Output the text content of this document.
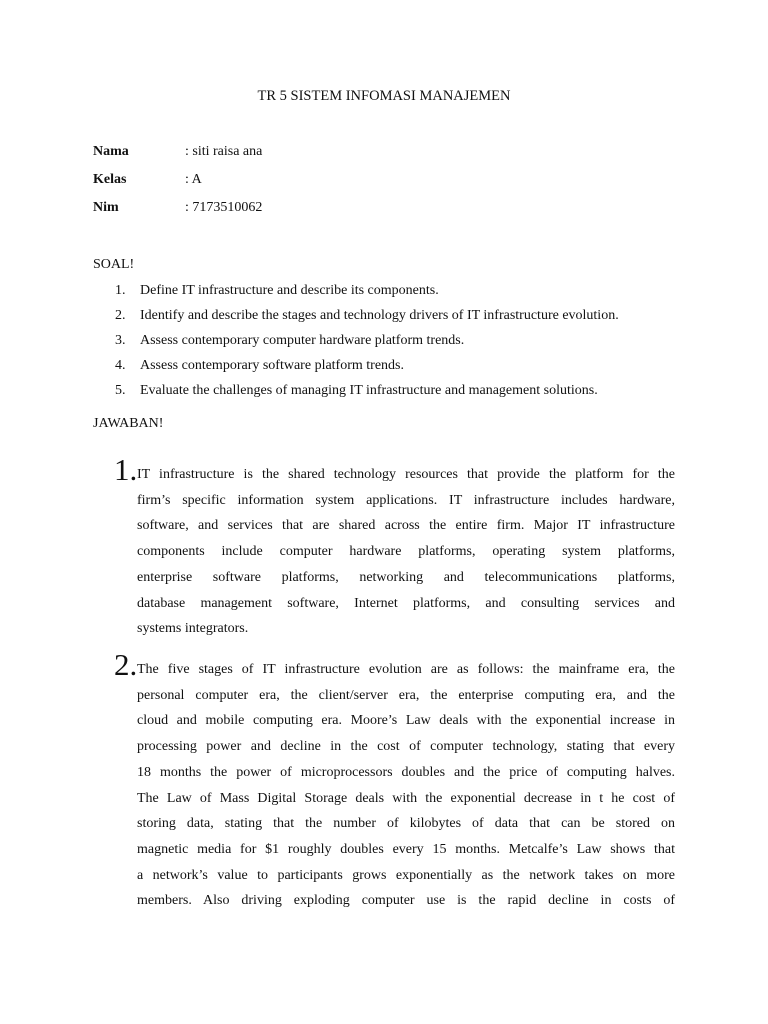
TR 5 SISTEM INFOMASI MANAJEMEN
Nama	: siti raisa ana
Kelas	: A
Nim	: 7173510062
SOAL!
1. Define IT infrastructure and describe its components.
2. Identify and describe the stages and technology drivers of IT infrastructure evolution.
3. Assess contemporary computer hardware platform trends.
4. Assess contemporary software platform trends.
5. Evaluate the challenges of managing IT infrastructure and management solutions.
JAWABAN!
1. IT infrastructure is the shared technology resources that provide the platform for the
firm’s specific information system applications. IT infrastructure includes hardware,
software, and services that are shared across the entire firm. Major IT infrastructure
components include computer hardware platforms, operating system platforms,
enterprise software platforms, networking and telecommunications platforms,
database management software, Internet platforms, and consulting services and
systems integrators.
2. The five stages of IT infrastructure evolution are as follows: the mainframe era, the
personal computer era, the client/server era, the enterprise computing era, and the
cloud and mobile computing era. Moore’s Law deals with the exponential increase in
processing power and decline in the cost of computer technology, stating that every
18 months the power of microprocessors doubles and the price of computing halves.
The Law of Mass Digital Storage deals with the exponential decrease in t he cost of
storing data, stating that the number of kilobytes of data that can be stored on
magnetic media for $1 roughly doubles every 15 months. Metcalfe’s Law shows that
a network’s value to participants grows exponentially as the network takes on more
members. Also driving exploding computer use is the rapid decline in costs of
